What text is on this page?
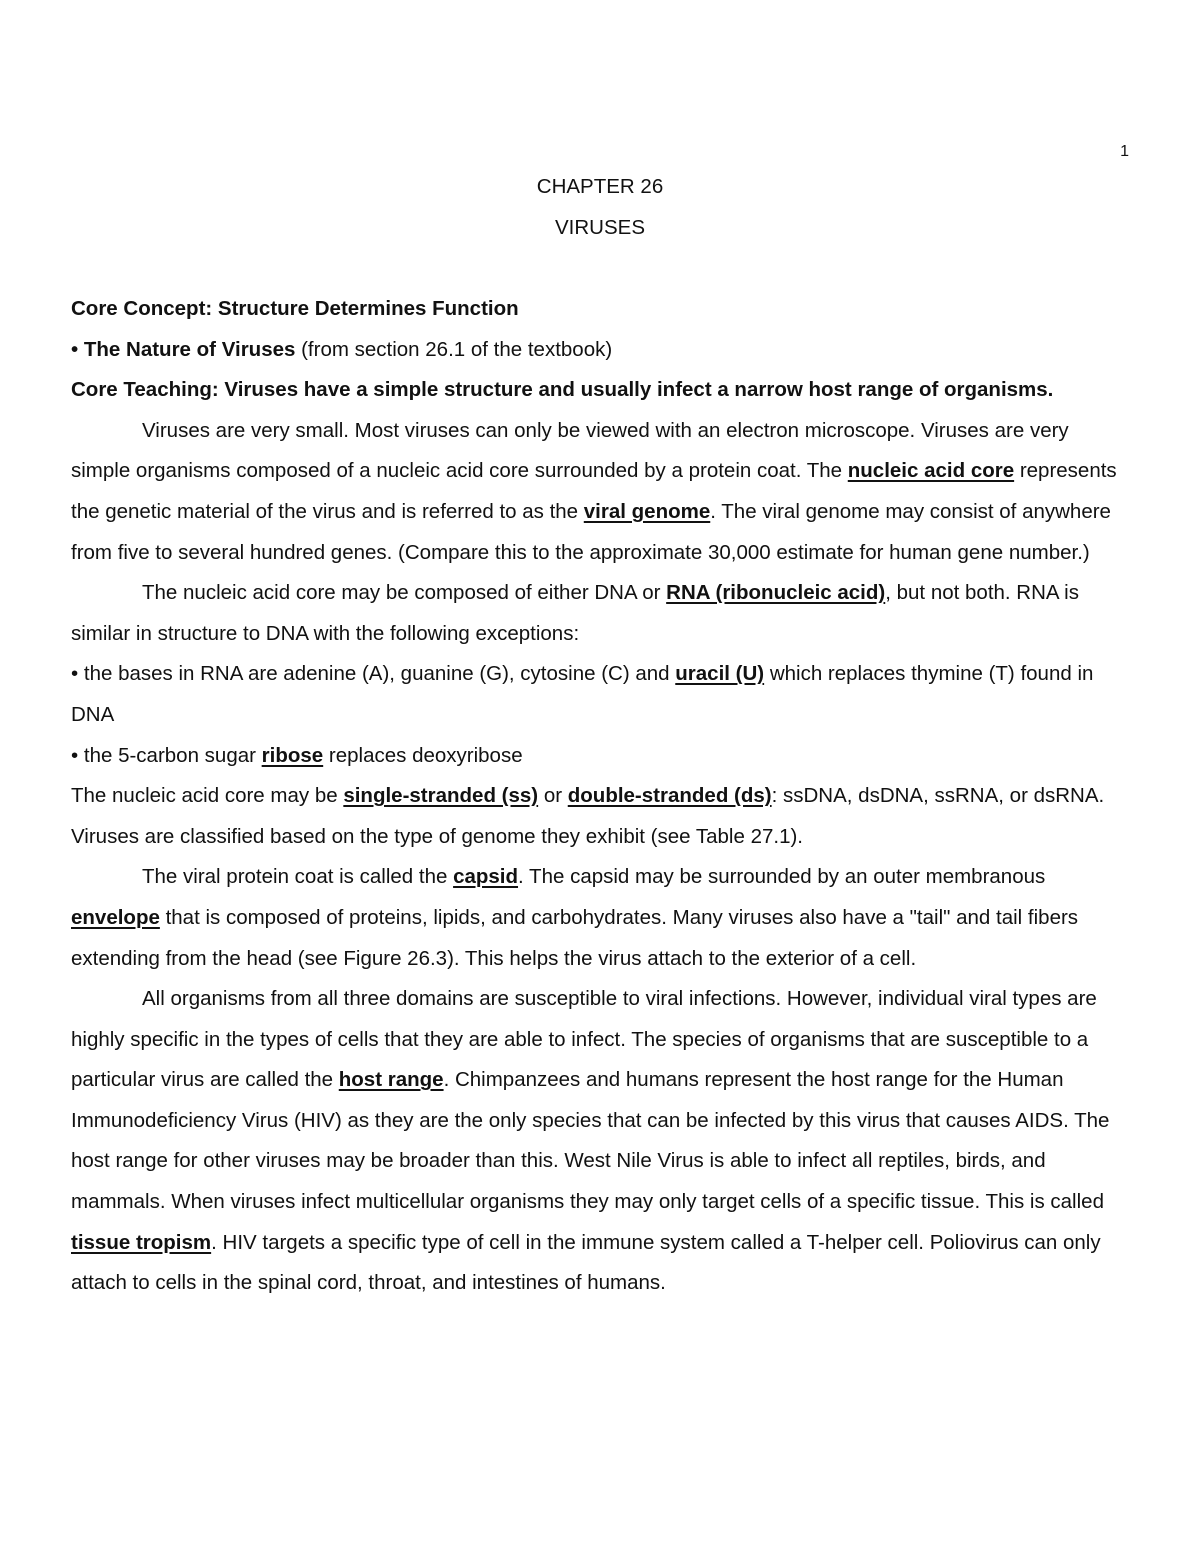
1
CHAPTER 26
VIRUSES

Core Concept: Structure Determines Function

• The Nature of Viruses (from section 26.1 of the textbook)

Core Teaching: Viruses have a simple structure and usually infect a narrow host range of organisms.

Viruses are very small. Most viruses can only be viewed with an electron microscope. Viruses are very simple organisms composed of a nucleic acid core surrounded by a protein coat. The nucleic acid core represents the genetic material of the virus and is referred to as the viral genome. The viral genome may consist of anywhere from five to several hundred genes. (Compare this to the approximate 30,000 estimate for human gene number.)

The nucleic acid core may be composed of either DNA or RNA (ribonucleic acid), but not both. RNA is similar in structure to DNA with the following exceptions:

• the bases in RNA are adenine (A), guanine (G), cytosine (C) and uracil (U) which replaces thymine (T) found in DNA

• the 5-carbon sugar ribose replaces deoxyribose

The nucleic acid core may be single-stranded (ss) or double-stranded (ds): ssDNA, dsDNA, ssRNA, or dsRNA. Viruses are classified based on the type of genome they exhibit (see Table 27.1).

The viral protein coat is called the capsid. The capsid may be surrounded by an outer membranous envelope that is composed of proteins, lipids, and carbohydrates. Many viruses also have a "tail" and tail fibers extending from the head (see Figure 26.3). This helps the virus attach to the exterior of a cell.

All organisms from all three domains are susceptible to viral infections. However, individual viral types are highly specific in the types of cells that they are able to infect. The species of organisms that are susceptible to a particular virus are called the host range. Chimpanzees and humans represent the host range for the Human Immunodeficiency Virus (HIV) as they are the only species that can be infected by this virus that causes AIDS. The host range for other viruses may be broader than this. West Nile Virus is able to infect all reptiles, birds, and mammals. When viruses infect multicellular organisms they may only target cells of a specific tissue. This is called tissue tropism. HIV targets a specific type of cell in the immune system called a T-helper cell. Poliovirus can only attach to cells in the spinal cord, throat, and intestines of humans.
